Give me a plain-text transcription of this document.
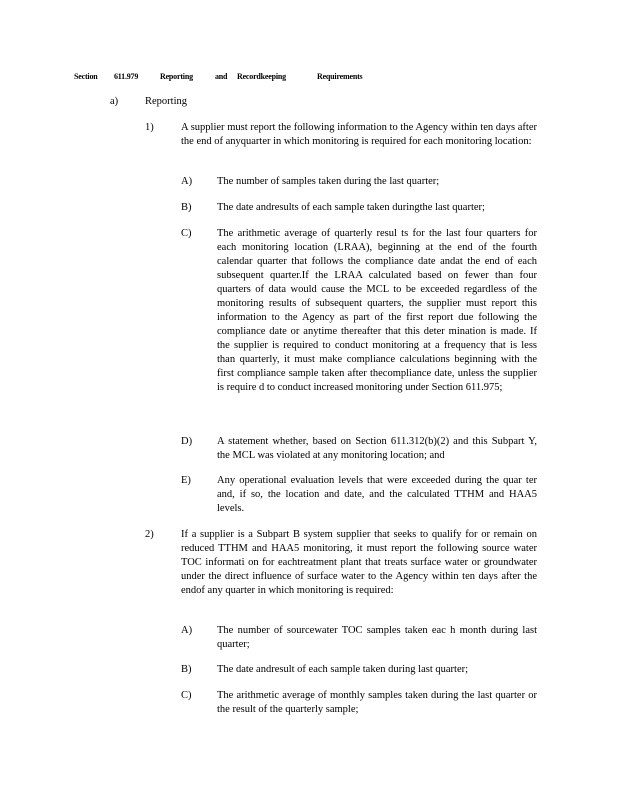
Section	611.979	Reporting	and	Recordkeeping	Requirements
a)	Reporting
1)	A supplier must report the following information to the Agency within ten days after the end of anyquarter in which monitoring is required for each monitoring location:
A) The number of samples taken during the last quarter;
B) The date andresults of each sample taken duringthe last quarter;
C) The arithmetic average of quarterly resul ts for the last four quarters for each monitoring location (LRAA), beginning at the end of the fourth calendar quarter that follows the compliance date andat the end of each subsequent quarter.If the LRAA calculated based on fewer than four quarters of data would cause the MCL to be exceeded regardless of the monitoring results of subsequent quarters, the supplier must report this information to the Agency as part of the first report due following the compliance date or anytime thereafter that this deter mination is made. If the supplier is required to conduct monitoring at a frequency that is less than quarterly, it must make compliance calculations beginning with the first compliance sample taken after thecompliance date, unless the supplier is require d to conduct increased monitoring under Section 611.975;
D) A statement whether, based on Section 611.312(b)(2) and this Subpart Y, the MCL was violated at any monitoring location; and
E) Any operational evaluation levels that were exceeded during the quar ter and, if so, the location and date, and the calculated TTHM and HAA5 levels.
2)	If a supplier is a Subpart B system supplier that seeks to qualify for or remain on reduced TTHM and HAA5 monitoring, it must report the following source water TOC informati on for eachtreatment plant that treats surface water or groundwater under the direct influence of surface water to the Agency within ten days after the endof any quarter in which monitoring is required:
A) The number of sourcewater TOC samples taken eac h month during last quarter;
B) The date andresult of each sample taken during last quarter;
C) The arithmetic average of monthly samples taken during the last quarter or the result of the quarterly sample;
